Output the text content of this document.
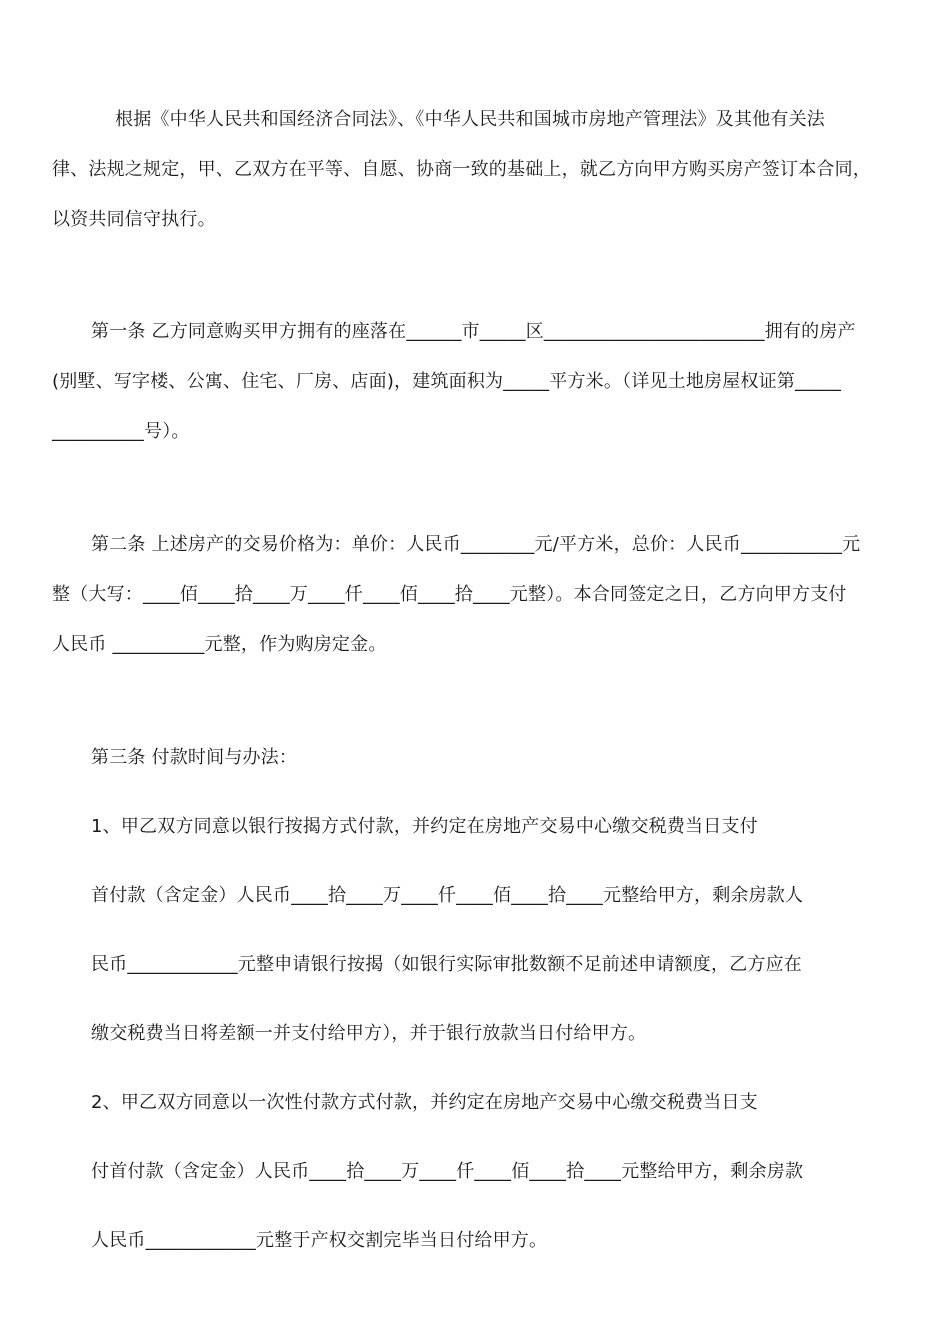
根据《中华人民共和国经济合同法》、《中华人民共和国城市房地产管理法》及其他有关法
律、法规之规定，甲、乙双方在平等、自愿、协商一致的基础上，就乙方向甲方购买房产签订本合同，
以资共同信守执行。
第一条 乙方同意购买甲方拥有的座落在______市_____区________________________拥有的房产
(别墅、写字楼、公寓、住宅、厂房、店面)，建筑面积为_____平方米。（详见土地房屋权证第_____
__________号）。
第二条 上述房产的交易价格为：单价：人民币________元/平方米，总价：人民币___________元
整（大写：____佰____拾____万____仟____佰____拾____元整）。本合同签定之日，乙方向甲方支付
人民币 __________元整，作为购房定金。
第三条 付款时间与办法：
1、甲乙双方同意以银行按揭方式付款，并约定在房地产交易中心缴交税费当日支付
首付款（含定金）人民币____拾____万____仟____佰____拾____元整给甲方，剩余房款人
民币____________元整申请银行按揭（如银行实际审批数额不足前述申请额度，乙方应在
缴交税费当日将差额一并支付给甲方），并于银行放款当日付给甲方。
2、甲乙双方同意以一次性付款方式付款，并约定在房地产交易中心缴交税费当日支
付首付款（含定金）人民币____拾____万____仟____佰____拾____元整给甲方，剩余房款
人民币____________元整于产权交割完毕当日付给甲方。
